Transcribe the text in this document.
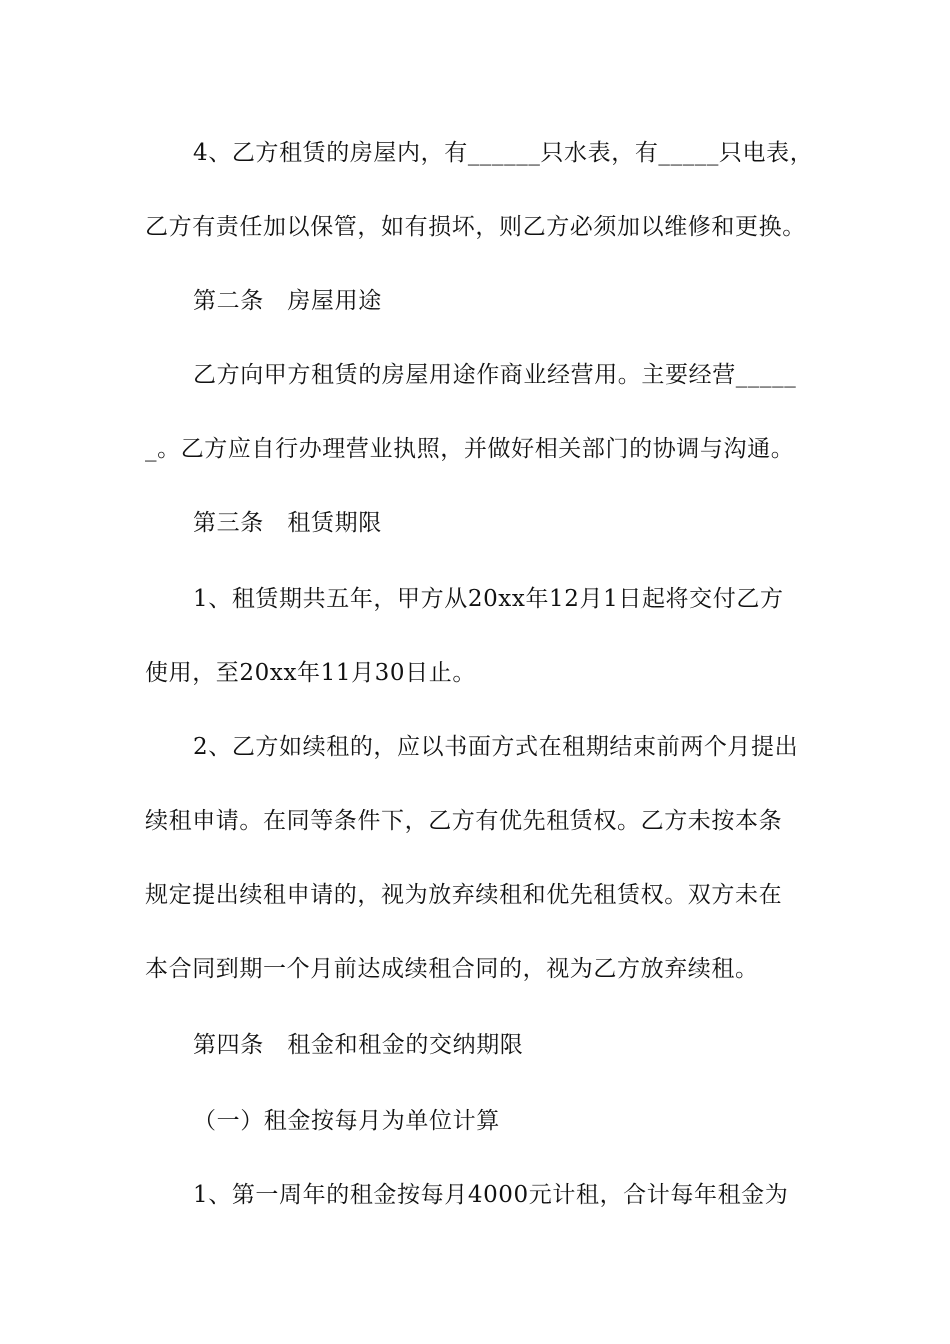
4、乙方租赁的房屋内，有______只水表，有_____只电表，
乙方有责任加以保管，如有损坏，则乙方必须加以维修和更换。
第二条　房屋用途
乙方向甲方租赁的房屋用途作商业经营用。主要经营_____
_。乙方应自行办理营业执照，并做好相关部门的协调与沟通。
第三条　租赁期限
1、租赁期共五年，甲方从20xx年12月1日起将交付乙方
使用，至20xx年11月30日止。
2、乙方如续租的，应以书面方式在租期结束前两个月提出
续租申请。在同等条件下，乙方有优先租赁权。乙方未按本条
规定提出续租申请的，视为放弃续租和优先租赁权。双方未在
本合同到期一个月前达成续租合同的，视为乙方放弃续租。
第四条　租金和租金的交纳期限
（一）租金按每月为单位计算
1、第一周年的租金按每月4000元计租，合计每年租金为
